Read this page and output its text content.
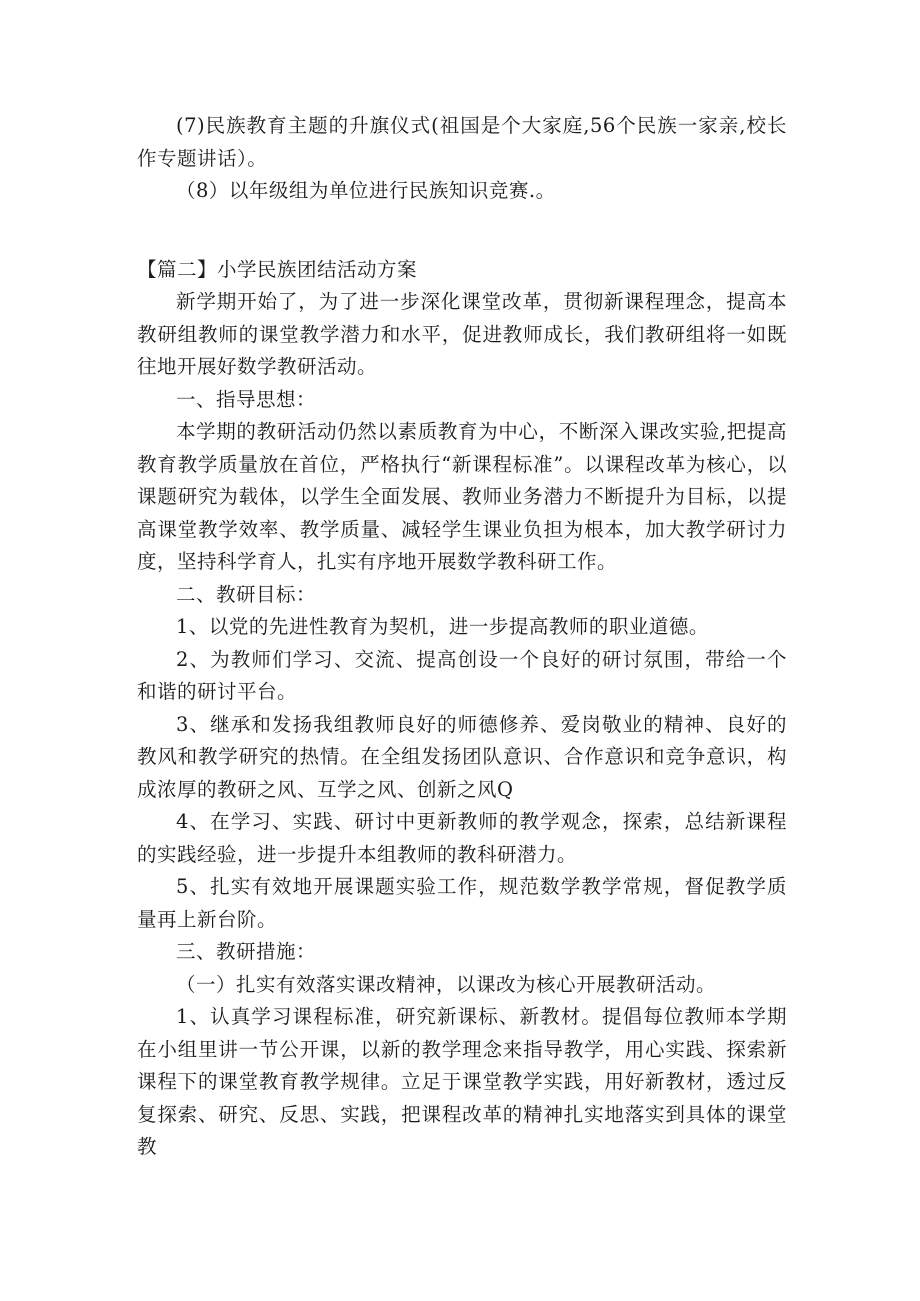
(7)民族教育主题的升旗仪式(祖国是个大家庭,56个民族一家亲,校长作专题讲话）。

（8）以年级组为单位进行民族知识竞赛.。

【篇二】小学民族团结活动方案

新学期开始了，为了进一步深化课堂改革，贯彻新课程理念，提高本教研组教师的课堂教学潜力和水平，促进教师成长，我们教研组将一如既往地开展好数学教研活动。

一、指导思想：

本学期的教研活动仍然以素质教育为中心，不断深入课改实验,把提高教育教学质量放在首位，严格执行“新课程标准”。以课程改革为核心，以课题研究为载体，以学生全面发展、教师业务潜力不断提升为目标，以提高课堂教学效率、教学质量、减轻学生课业负担为根本，加大教学研讨力度，坚持科学育人，扎实有序地开展数学教科研工作。

二、教研目标：

1、以党的先进性教育为契机，进一步提高教师的职业道德。

2、为教师们学习、交流、提高创设一个良好的研讨氛围，带给一个和谐的研讨平台。

3、继承和发扬我组教师良好的师德修养、爱岗敬业的精神、良好的教风和教学研究的热情。在全组发扬团队意识、合作意识和竞争意识，构成浓厚的教研之风、互学之风、创新之风Q

4、在学习、实践、研讨中更新教师的教学观念，探索，总结新课程的实践经验，进一步提升本组教师的教科研潜力。

5、扎实有效地开展课题实验工作，规范数学教学常规，督促教学质量再上新台阶。

三、教研措施：

（一）扎实有效落实课改精神，以课改为核心开展教研活动。

1、认真学习课程标准，研究新课标、新教材。提倡每位教师本学期在小组里讲一节公开课，以新的教学理念来指导教学，用心实践、探索新课程下的课堂教育教学规律。立足于课堂教学实践，用好新教材，透过反复探索、研究、反思、实践，把课程改革的精神扎实地落实到具体的课堂教
